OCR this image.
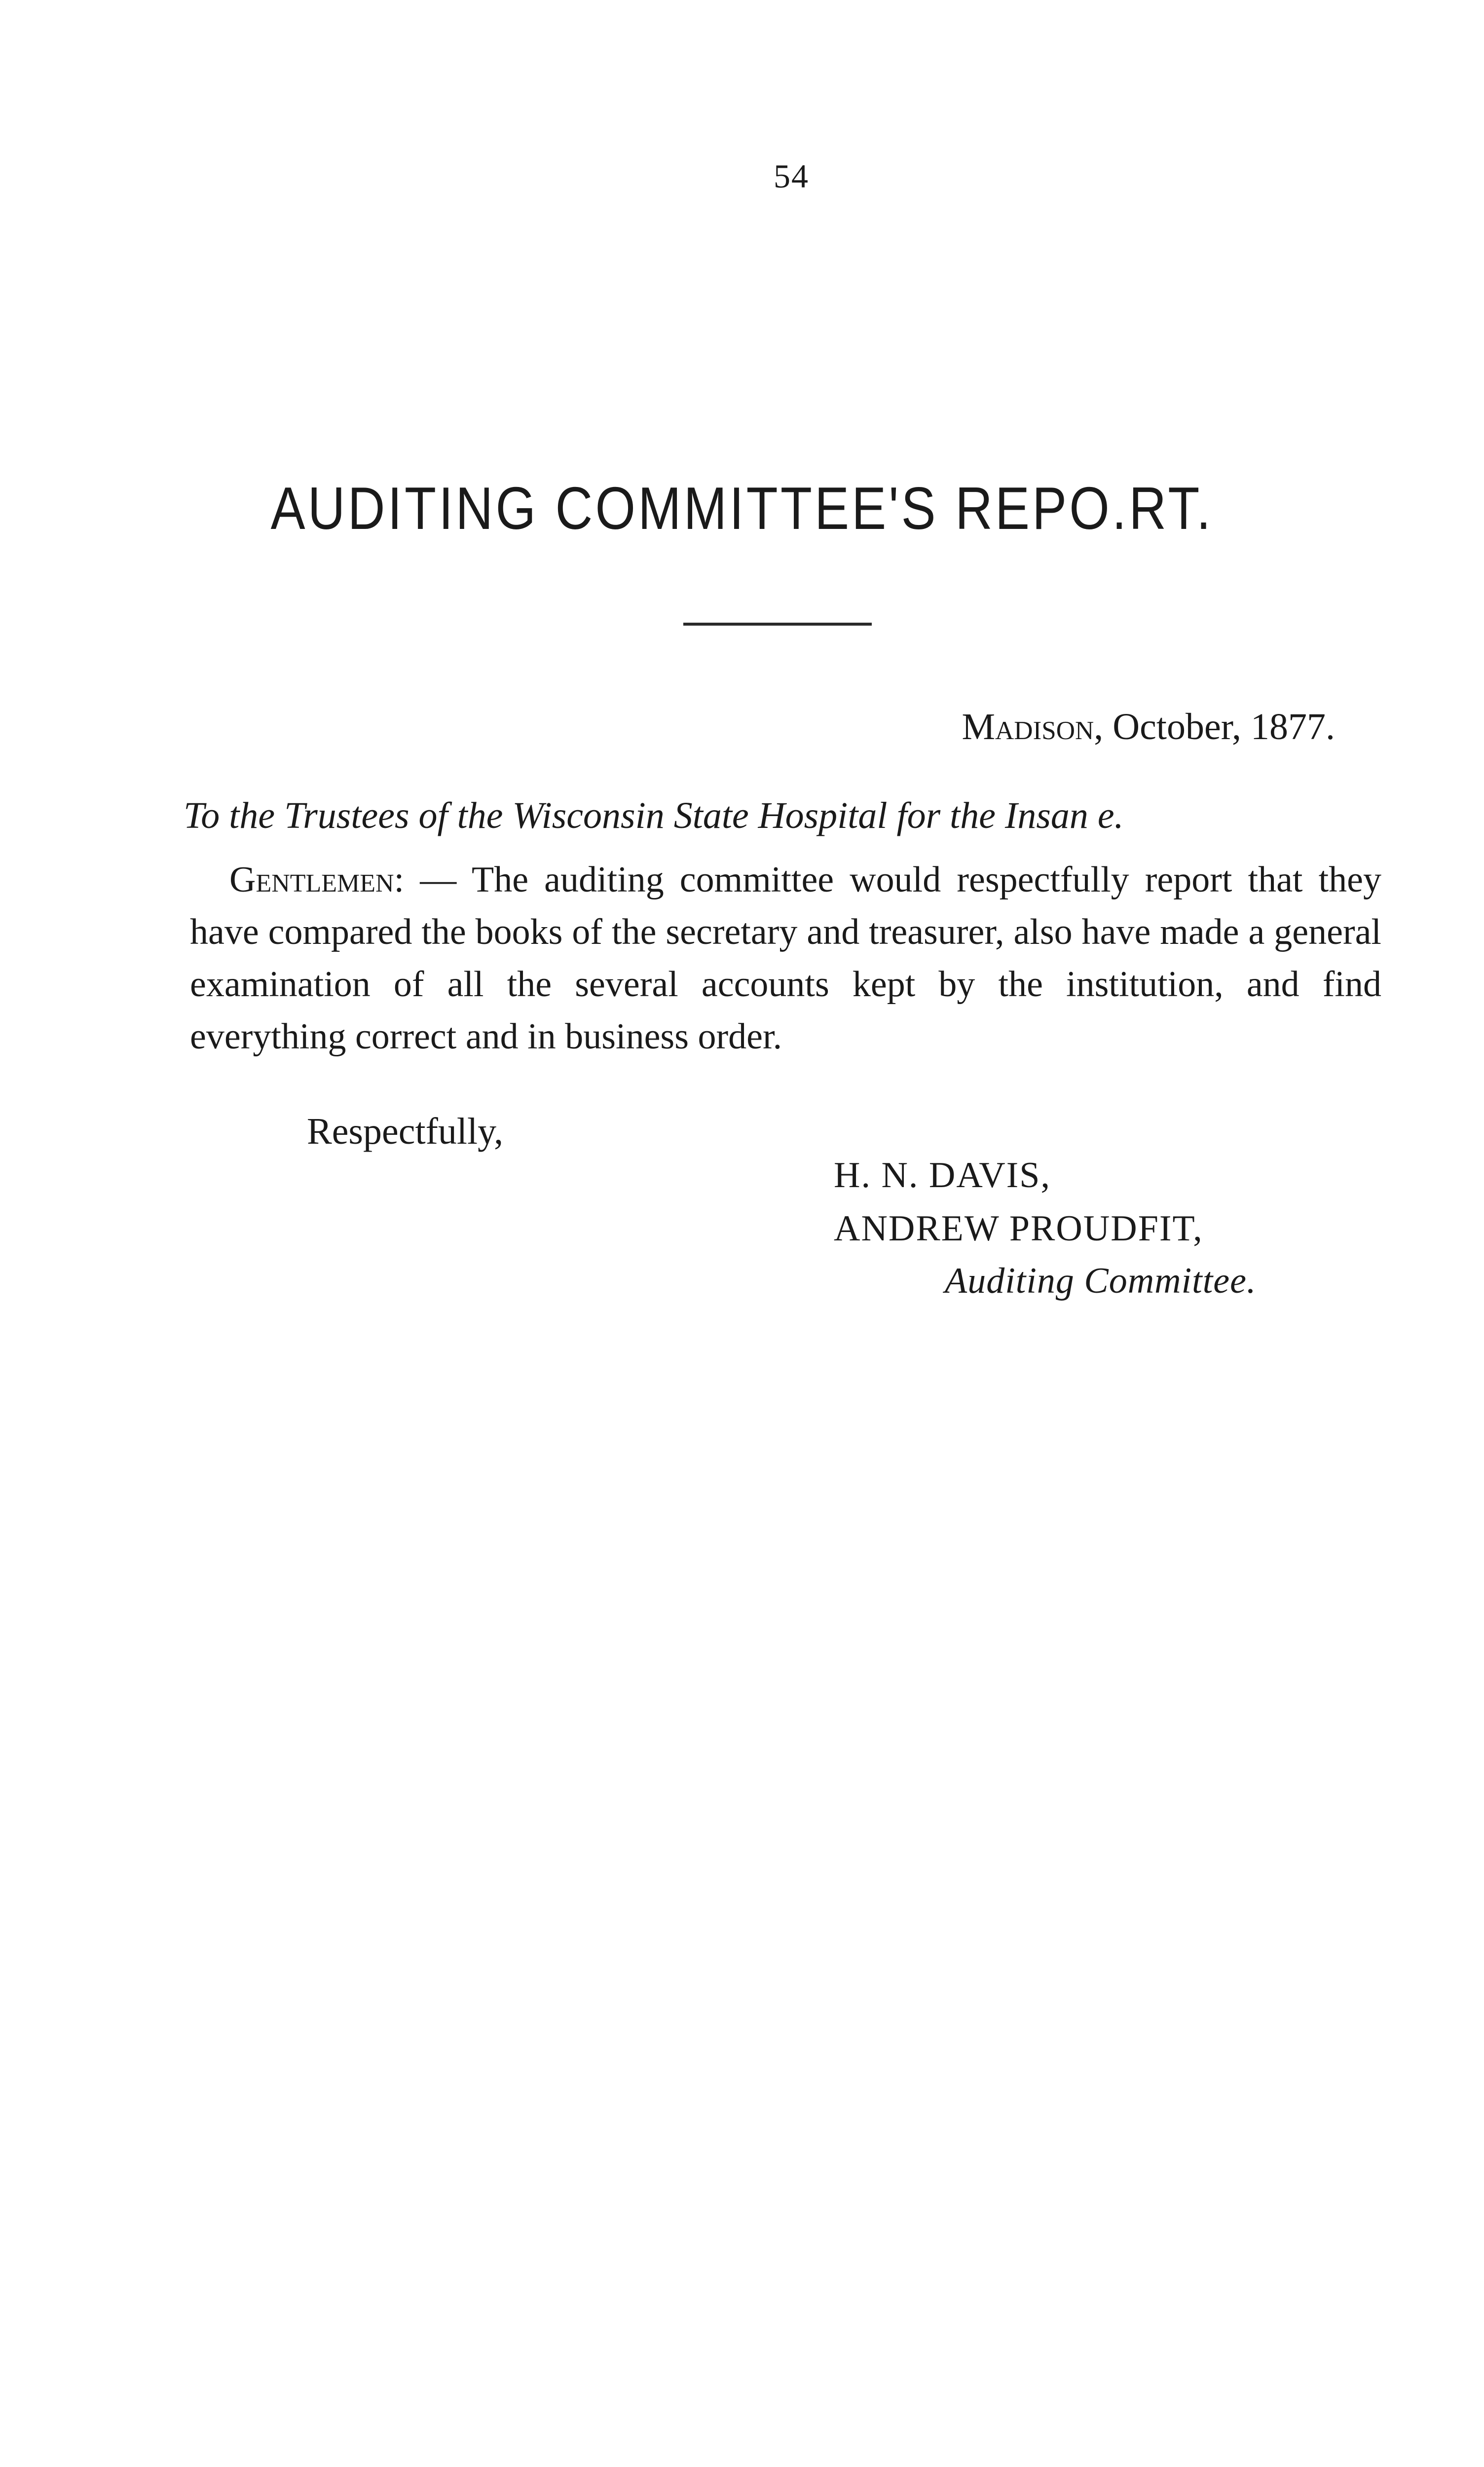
54
AUDITING COMMITTEE'S REPO.RT.
Madison, October, 1877.
To the Trustees of the Wisconsin State Hospital for the Insan e.
Gentlemen: — The auditing committee would respectfully report that they have compared the books of the secretary and treasurer, also have made a general examination of all the several accounts kept by the institution, and find everything correct and in business order.
Respectfully,
H. N. DAVIS,
ANDREW PROUDFIT,
Auditing Committee.
